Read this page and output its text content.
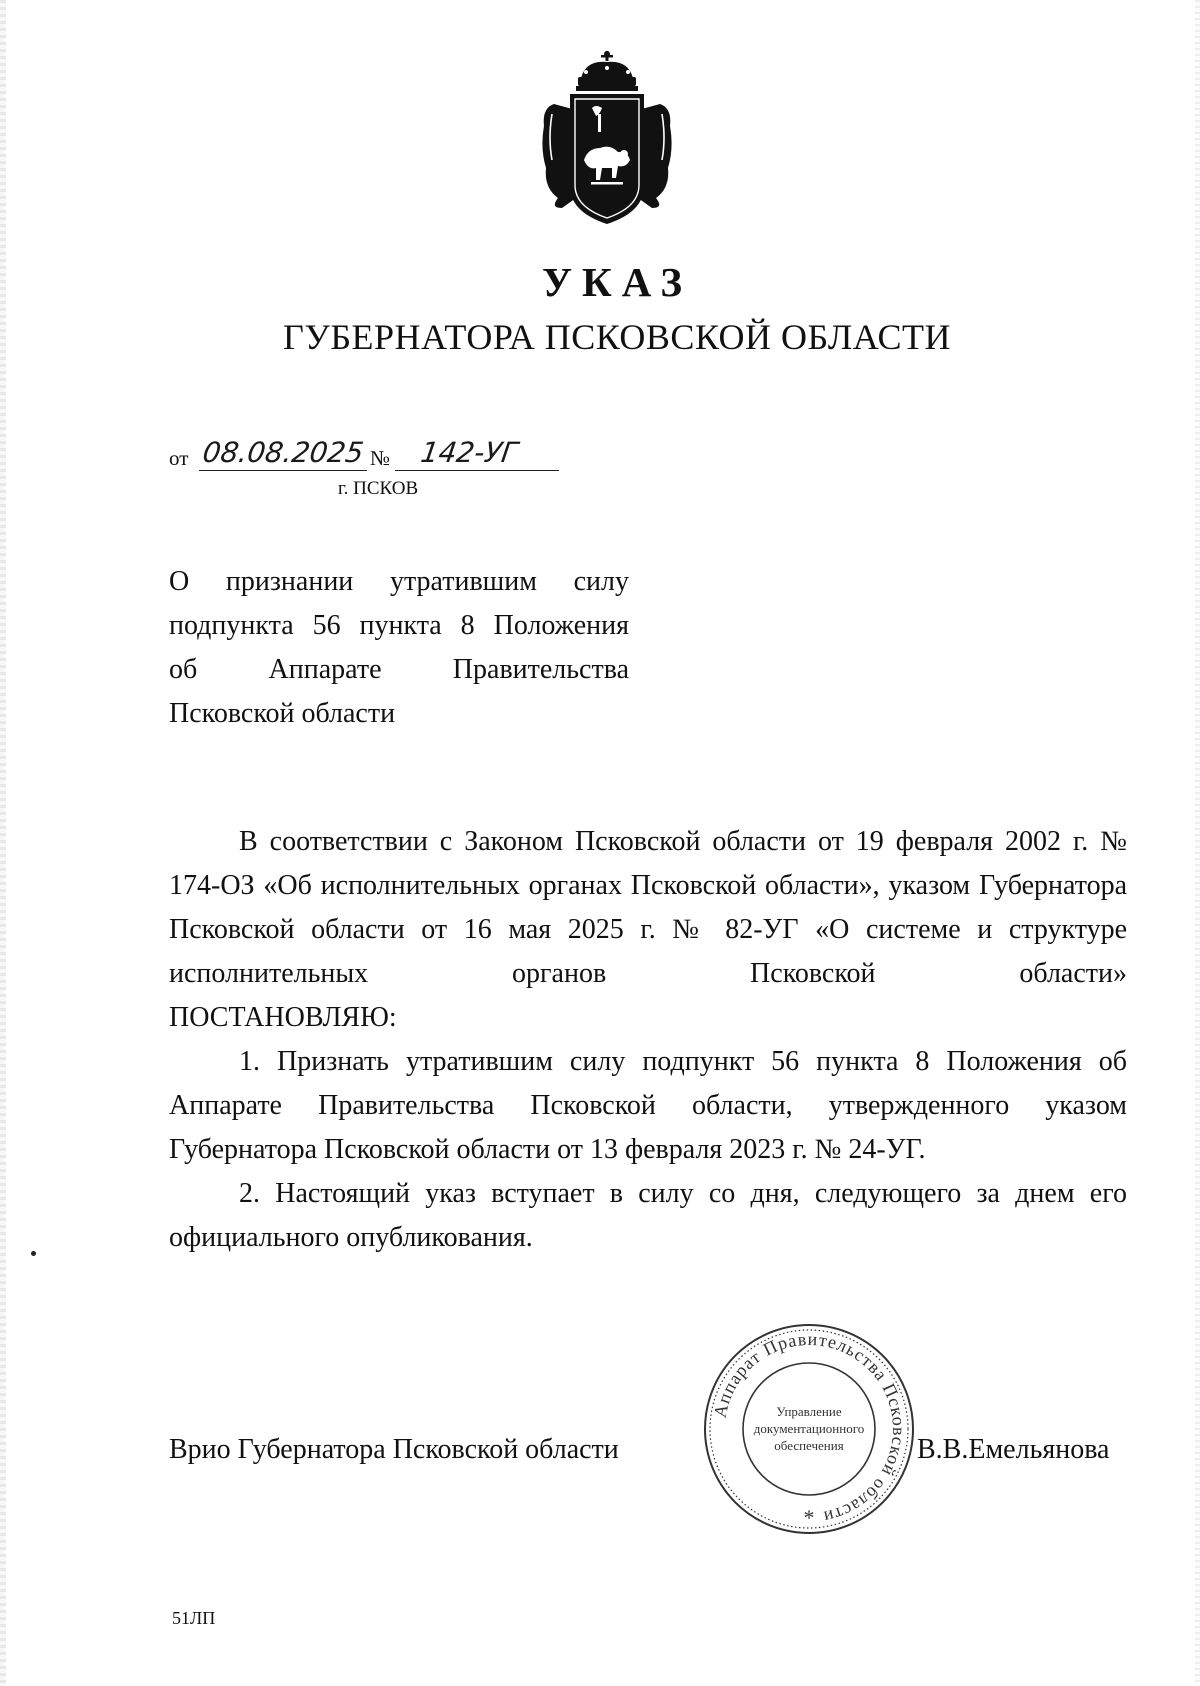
УКАЗ
ГУБЕРНАТОРА ПСКОВСКОЙ ОБЛАСТИ
от 08.08.2025 № 142-УГ
г. ПСКОВ
О признании утратившим силу
подпункта 56 пункта 8 Положения
об Аппарате Правительства
Псковской области

В соответствии с Законом Псковской области от 19 февраля 2002 г. № 174-ОЗ «Об исполнительных органах Псковской области», указом Губернатора Псковской области от 16 мая 2025 г. № 82-УГ «О системе и структуре исполнительных органов Псковской области»

ПОСТАНОВЛЯЮ:

1. Признать утратившим силу подпункт 56 пункта 8 Положения об Аппарате Правительства Псковской области, утвержденного указом Губернатора Псковской области от 13 февраля 2023 г. № 24-УГ.

2. Настоящий указ вступает в силу со дня, следующего за днем его официального опубликования.

Врио Губернатора Псковской области
Аппарат Правительства Псковской области
Управление
документационного
обеспечения
*
В.В.Емельянова
51ЛП
